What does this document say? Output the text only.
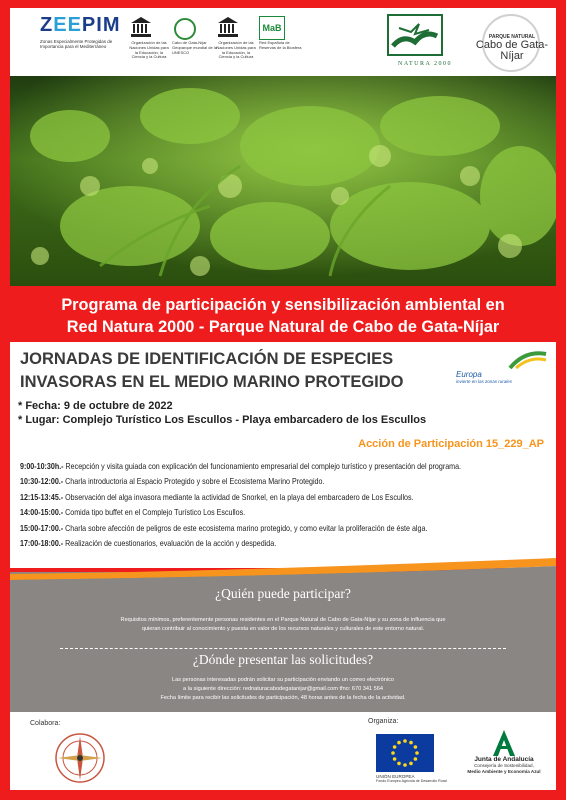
ZEEPIM
Zonas Especialmente Protegidas de Importancia para el Mediterráneo
Organización de las Naciones Unidas para la Educación, la Ciencia y la Cultura
Cabo de Gata-Níjar Geoparque mundial de la UNESCO
Organización de las Naciones Unidas para la Educación, la Ciencia y la Cultura
MaB
Red Española de Reservas de la Biosfera
NATURA 2000
PARQUE NATURAL
Cabo de Gata-Níjar
Programa de participación y sensibilización ambiental en
Red Natura 2000 - Parque Natural de Cabo de Gata-Níjar
JORNADAS DE IDENTIFICACIÓN DE ESPECIES
INVASORAS EN EL MEDIO MARINO PROTEGIDO	Europa
invierte en las zonas rurales
* Fecha: 9 de octubre de 2022
* Lugar: Complejo Turístico Los Escullos - Playa embarcadero de los Escullos
Acción de Participación 15_229_AP
9:00-10:30h.- Recepción y visita guiada con explicación del funcionamiento empresarial del complejo turístico y presentación del programa.
10:30-12:00.- Charla introductoria al Espacio Protegido y sobre el Ecosistema Marino Protegido.
12:15-13:45.- Observación del alga invasora mediante la actividad de Snorkel, en la playa del embarcadero de Los Escullos.
14:00-15:00.- Comida tipo buffet en el Complejo Turístico Los Escullos.
15:00-17:00.- Charla sobre afección de peligros de este ecosistema marino protegido, y como evitar la proliferación de éste alga.
17:00-18:00.- Realización de cuestionarios, evaluación de la acción y despedida.
¿Quién puede participar?
Requisitos mínimos, preferentemente personas residentes en el Parque Natural de Cabo de Gata-Níjar y su zona de influencia que
quieran contribuir al conocimiento y puesta en valor de los recursos naturales y culturales de este entorno natural.
¿Dónde presentar las solicitudes?
Las personas interesadas podrán solicitar su participación enviando un correo electrónico
a la siguiente dirección: rednaturacabodegatanijar@gmail.com tfno: 670 341 564
Fecha límite para recibir las solicitudes de participación, 48 horas antes de la fecha de la actividad.
Colabora:	Organiza:
UNIÓN EUROPEA
Fondo Europeo Agrícola de Desarrollo Rural
Junta de Andalucía
Consejería de Sostenibilidad,
Medio Ambiente y Economía Azul
